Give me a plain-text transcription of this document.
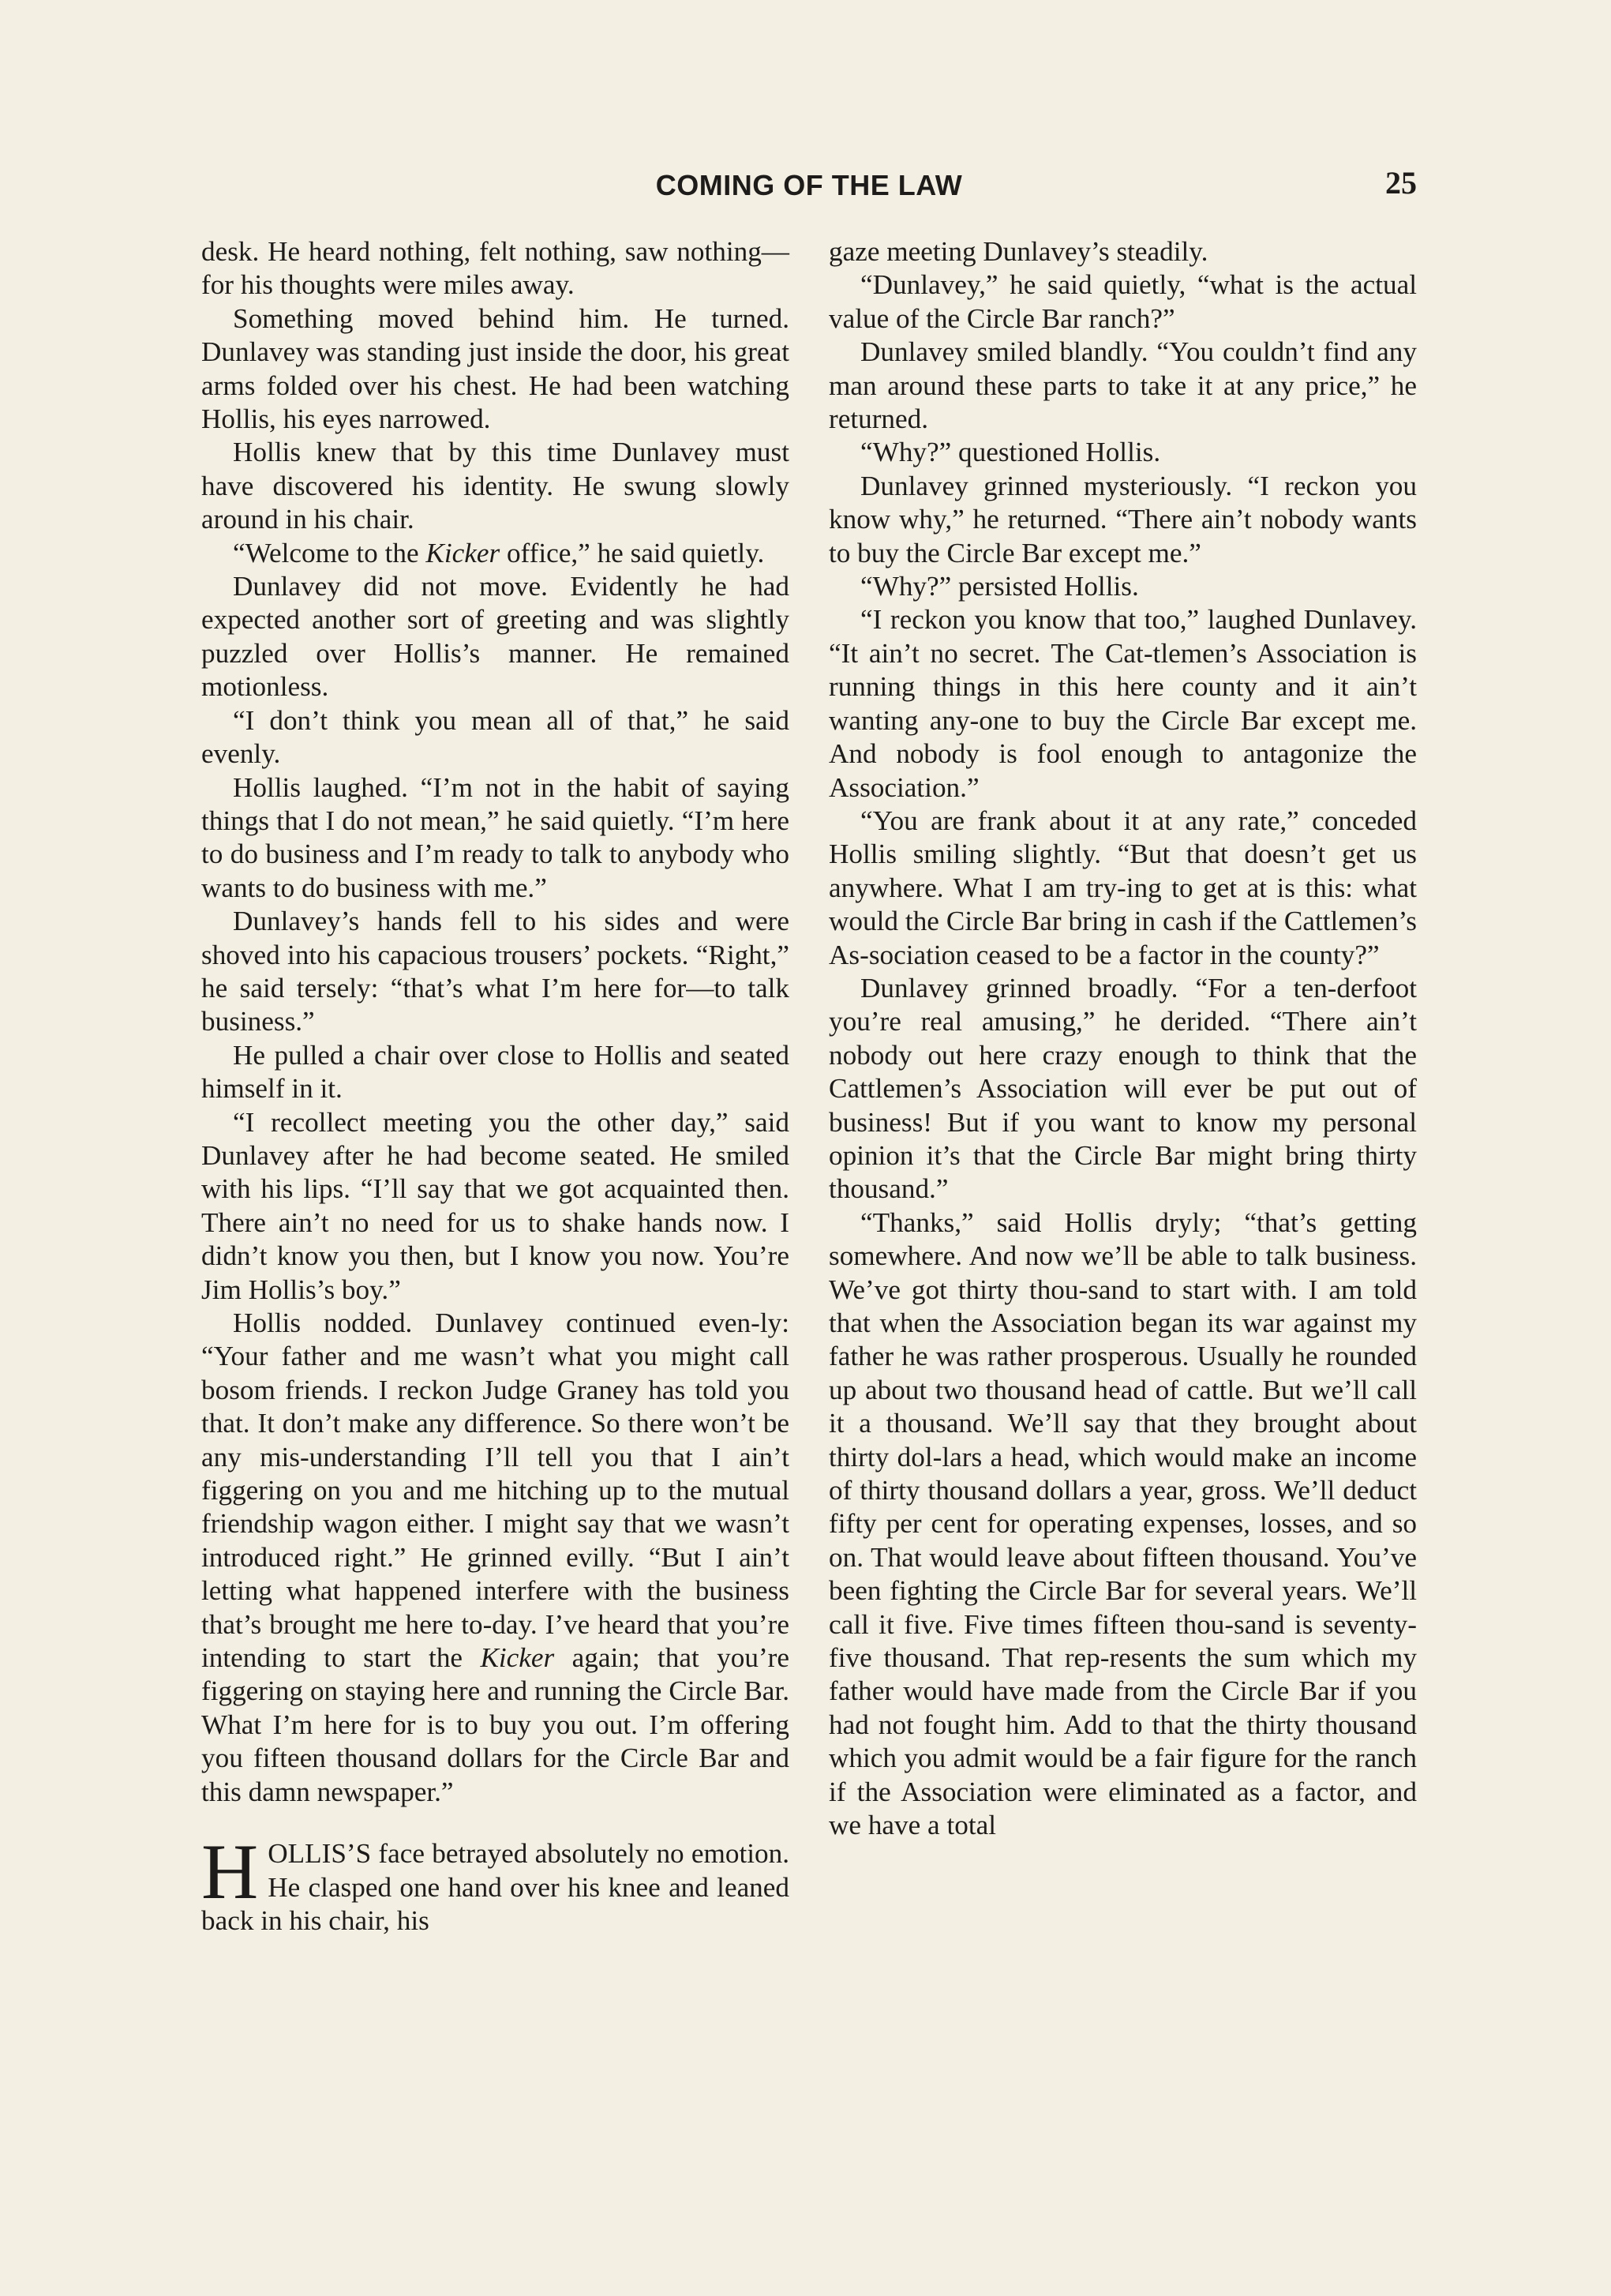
COMING OF THE LAW	25

desk. He heard nothing, felt nothing, saw nothing—for his thoughts were miles away.

Something moved behind him. He turned. Dunlavey was standing just inside the door, his great arms folded over his chest. He had been watching Hollis, his eyes narrowed.

Hollis knew that by this time Dunlavey must have discovered his identity. He swung slowly around in his chair.

“Welcome to the Kicker office,” he said quietly.

Dunlavey did not move. Evidently he had expected another sort of greeting and was slightly puzzled over Hollis’s manner. He remained motionless.

“I don’t think you mean all of that,” he said evenly.

Hollis laughed. “I’m not in the habit of saying things that I do not mean,” he said quietly. “I’m here to do business and I’m ready to talk to anybody who wants to do business with me.”

Dunlavey’s hands fell to his sides and were shoved into his capacious trousers’ pockets. “Right,” he said tersely: “that’s what I’m here for—to talk business.”

He pulled a chair over close to Hollis and seated himself in it.

“I recollect meeting you the other day,” said Dunlavey after he had become seated. He smiled with his lips. “I’ll say that we got acquainted then. There ain’t no need for us to shake hands now. I didn’t know you then, but I know you now. You’re Jim Hollis’s boy.”

Hollis nodded. Dunlavey continued even-ly: “Your father and me wasn’t what you might call bosom friends. I reckon Judge Graney has told you that. It don’t make any difference. So there won’t be any mis-understanding I’ll tell you that I ain’t figgering on you and me hitching up to the mutual friendship wagon either. I might say that we wasn’t introduced right.” He grinned evilly. “But I ain’t letting what happened interfere with the business that’s brought me here to-day. I’ve heard that you’re intending to start the Kicker again; that you’re figgering on staying here and running the Circle Bar. What I’m here for is to buy you out. I’m offering you fifteen thousand dollars for the Circle Bar and this damn newspaper.”

HOLLIS’S face betrayed absolutely no emotion. He clasped one hand over his knee and leaned back in his chair, his

gaze meeting Dunlavey’s steadily.

“Dunlavey,” he said quietly, “what is the actual value of the Circle Bar ranch?”

Dunlavey smiled blandly. “You couldn’t find any man around these parts to take it at any price,” he returned.

“Why?” questioned Hollis.

Dunlavey grinned mysteriously. “I reckon you know why,” he returned. “There ain’t nobody wants to buy the Circle Bar except me.”

“Why?” persisted Hollis.

“I reckon you know that too,” laughed Dunlavey. “It ain’t no secret. The Cat-tlemen’s Association is running things in this here county and it ain’t wanting any-one to buy the Circle Bar except me. And nobody is fool enough to antagonize the Association.”

“You are frank about it at any rate,” conceded Hollis smiling slightly. “But that doesn’t get us anywhere. What I am try-ing to get at is this: what would the Circle Bar bring in cash if the Cattlemen’s As-sociation ceased to be a factor in the county?”

Dunlavey grinned broadly. “For a ten-derfoot you’re real amusing,” he derided. “There ain’t nobody out here crazy enough to think that the Cattlemen’s Association will ever be put out of business! But if you want to know my personal opinion it’s that the Circle Bar might bring thirty thousand.”

“Thanks,” said Hollis dryly; “that’s getting somewhere. And now we’ll be able to talk business. We’ve got thirty thou-sand to start with. I am told that when the Association began its war against my father he was rather prosperous. Usually he rounded up about two thousand head of cattle. But we’ll call it a thousand. We’ll say that they brought about thirty dol-lars a head, which would make an income of thirty thousand dollars a year, gross. We’ll deduct fifty per cent for operating expenses, losses, and so on. That would leave about fifteen thousand. You’ve been fighting the Circle Bar for several years. We’ll call it five. Five times fifteen thou-sand is seventy-five thousand. That rep-resents the sum which my father would have made from the Circle Bar if you had not fought him. Add to that the thirty thousand which you admit would be a fair figure for the ranch if the Association were eliminated as a factor, and we have a total
